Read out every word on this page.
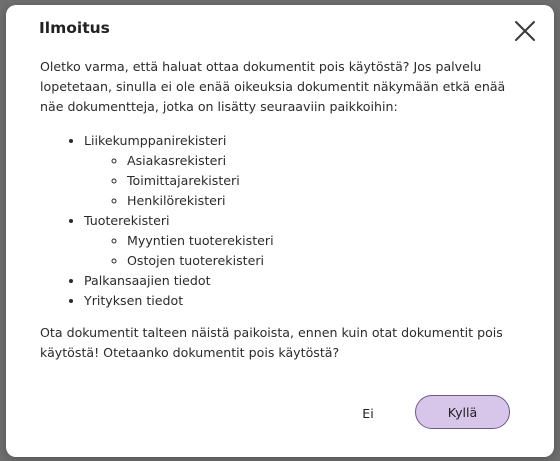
Ilmoitus

Oletko varma, että haluat ottaa dokumentit pois käytöstä? Jos palvelu lopetetaan, sinulla ei ole enää oikeuksia dokumentit näkymään etkä enää näe dokumentteja, jotka on lisätty seuraaviin paikkoihin:

• Liikekumppanirekisteri
◦ Asiakasrekisteri
◦ Toimittajarekisteri
◦ Henkilörekisteri
• Tuoterekisteri
◦ Myyntien tuoterekisteri
◦ Ostojen tuoterekisteri
• Palkansaajien tiedot
• Yrityksen tiedot

Ota dokumentit talteen näistä paikoista, ennen kuin otat dokumentit pois käytöstä! Otetaanko dokumentit pois käytöstä?

Ei	Kyllä
